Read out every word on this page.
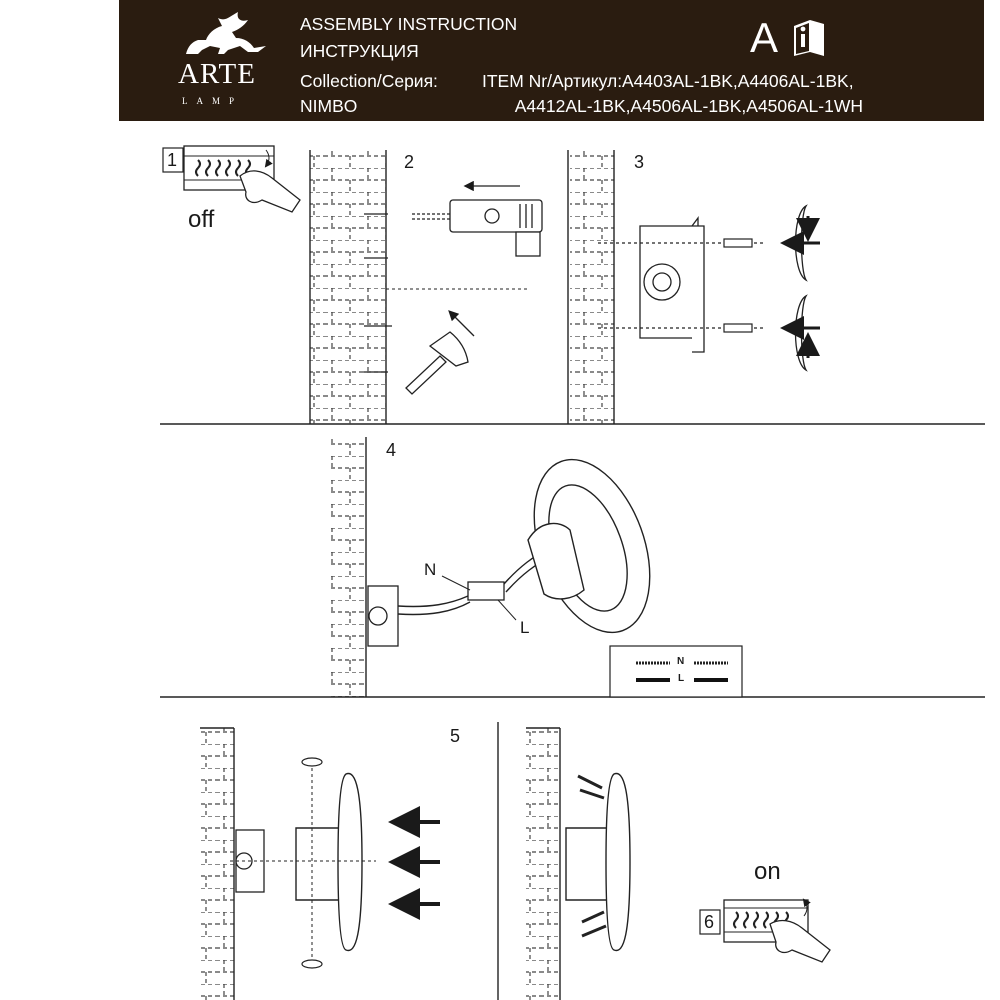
ARTE
LAMP
ASSEMBLY INSTRUCTION
ИНСТРУКЦИЯ
Collection/Серия:
NIMBO
ITEM Nr/Артикул: A4403AL-1BK,A4406AL-1BK,
A4412AL-1BK,A4506AL-1BK,A4506AL-1WH
A
1
off
2	3
4
5
6
on
N
L
N
L
